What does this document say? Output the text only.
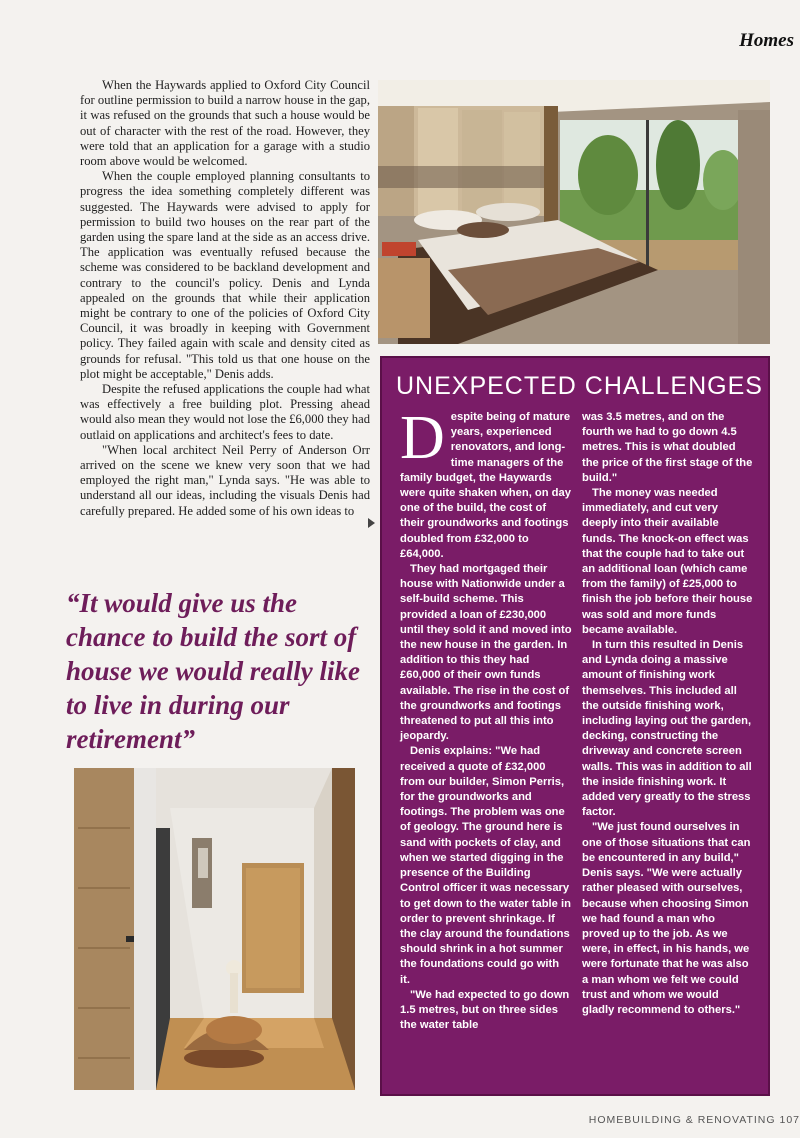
Homes

When the Haywards applied to Oxford City Council for outline permission to build a narrow house in the gap, it was refused on the grounds that such a house would be out of character with the rest of the road. However, they were told that an application for a garage with a studio room above would be welcomed.

When the couple employed planning consultants to progress the idea something completely different was suggested. The Haywards were advised to apply for permission to build two houses on the rear part of the garden using the spare land at the side as an access drive. The application was eventually refused because the scheme was considered to be backland development and contrary to the council's policy. Denis and Lynda appealed on the grounds that while their application might be contrary to one of the policies of Oxford City Council, it was broadly in keeping with Government policy. They failed again with scale and density cited as grounds for refusal. "This told us that one house on the plot might be acceptable," Denis adds.

Despite the refused applications the couple had what was effectively a free building plot. Pressing ahead would also mean they would not lose the £6,000 they had outlaid on applications and architect's fees to date.

"When local architect Neil Perry of Anderson Orr arrived on the scene we knew very soon that we had employed the right man," Lynda says. "He was able to understand all our ideas, including the visuals Denis had carefully prepared. He added some of his own ideas to

“It would give us the chance to build the sort of house we would really like to live in during our retirement”
UNEXPECTED CHALLENGES

Despite being of mature years, experienced renovators, and long-time managers of the family budget, the Haywards were quite shaken when, on day one of the build, the cost of their groundworks and footings doubled from £32,000 to £64,000.

They had mortgaged their house with Nationwide under a self-build scheme. This provided a loan of £230,000 until they sold it and moved into the new house in the garden. In addition to this they had £60,000 of their own funds available. The rise in the cost of the groundworks and footings threatened to put all this into jeopardy.

Denis explains: "We had received a quote of £32,000 from our builder, Simon Perris, for the groundworks and footings. The problem was one of geology. The ground here is sand with pockets of clay, and when we started digging in the presence of the Building Control officer it was necessary to get down to the water table in order to prevent shrinkage. If the clay around the foundations should shrink in a hot summer the foundations could go with it.

"We had expected to go down 1.5 metres, but on three sides the water table

was 3.5 metres, and on the fourth we had to go down 4.5 metres. This is what doubled the price of the first stage of the build."

The money was needed immediately, and cut very deeply into their available funds. The knock-on effect was that the couple had to take out an additional loan (which came from the family) of £25,000 to finish the job before their house was sold and more funds became available.

In turn this resulted in Denis and Lynda doing a massive amount of finishing work themselves. This included all the outside finishing work, including laying out the garden, decking, constructing the driveway and concrete screen walls. This was in addition to all the inside finishing work. It added very greatly to the stress factor.

"We just found ourselves in one of those situations that can be encountered in any build," Denis says. "We were actually rather pleased with ourselves, because when choosing Simon we had found a man who proved up to the job. As we were, in effect, in his hands, we were fortunate that he was also a man whom we felt we could trust and whom we would gladly recommend to others."

HOMEBUILDING & RENOVATING 107
